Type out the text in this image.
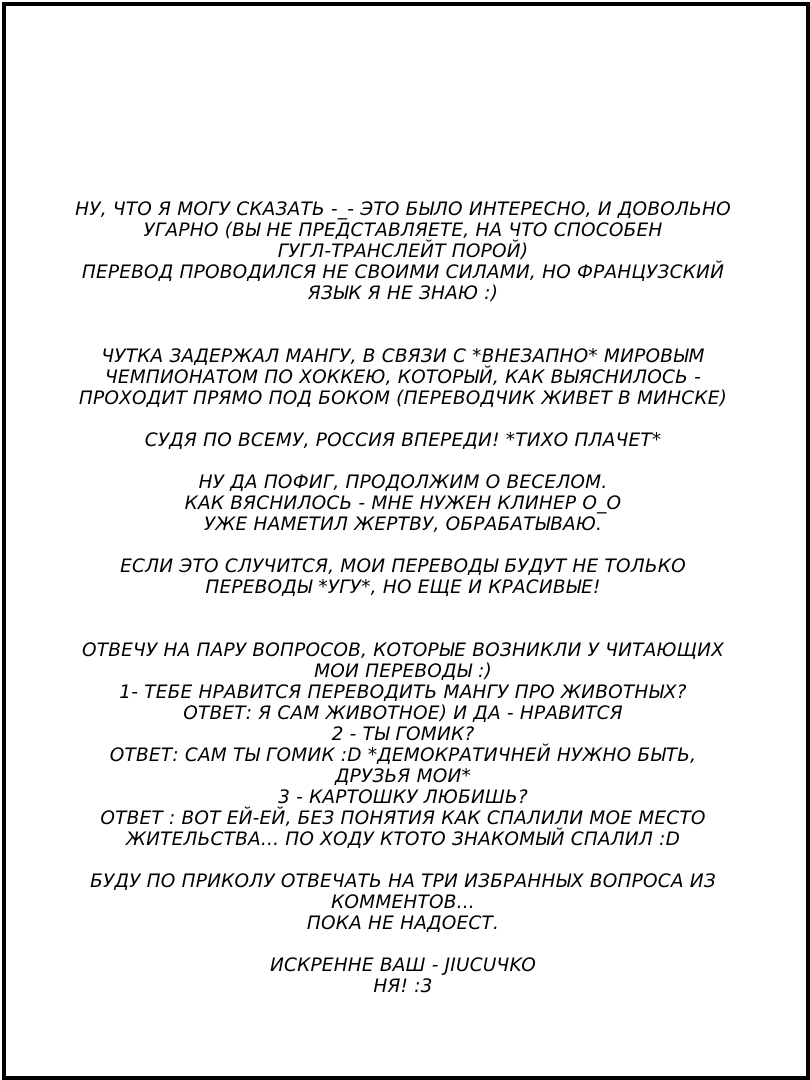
НУ, ЧТО Я МОГУ СКАЗАТЬ -_- ЭТО БЫЛО ИНТЕРЕСНО, И ДОВОЛЬНО
УГАРНО (ВЫ НЕ ПРЕДСТАВЛЯЕТЕ, НА ЧТО СПОСОБЕН
ГУГЛ-ТРАНСЛЕЙТ ПОРОЙ)
ПЕРЕВОД ПРОВОДИЛСЯ НЕ СВОИМИ СИЛАМИ, НО ФРАНЦУЗСКИЙ
ЯЗЫК Я НЕ ЗНАЮ :)

ЧУТКА ЗАДЕРЖАЛ МАНГУ, В СВЯЗИ С *ВНЕЗАПНО* МИРОВЫМ
ЧЕМПИОНАТОМ ПО ХОККЕЮ, КОТОРЫЙ, КАК ВЫЯСНИЛОСЬ -
ПРОХОДИТ ПРЯМО ПОД БОКОМ (ПЕРЕВОДЧИК ЖИВЕТ В МИНСКЕ)

СУДЯ ПО ВСЕМУ, РОССИЯ ВПЕРЕДИ! *ТИХО ПЛАЧЕТ*

НУ ДА ПОФИГ, ПРОДОЛЖИМ О ВЕСЕЛОМ.
КАК ВЯСНИЛОСЬ - МНЕ НУЖЕН КЛИНЕР О_О
УЖЕ НАМЕТИЛ ЖЕРТВУ, ОБРАБАТЫВАЮ.

ЕСЛИ ЭТО СЛУЧИТСЯ, МОИ ПЕРЕВОДЫ БУДУТ НЕ ТОЛЬКО
ПЕРЕВОДЫ *УГУ*, НО ЕЩЕ И КРАСИВЫЕ!

ОТВЕЧУ НА ПАРУ ВОПРОСОВ, КОТОРЫЕ ВОЗНИКЛИ У ЧИТАЮЩИХ
МОИ ПЕРЕВОДЫ :)
1- ТЕБЕ НРАВИТСЯ ПЕРЕВОДИТЬ МАНГУ ПРО ЖИВОТНЫХ?
ОТВЕТ: Я САМ ЖИВОТНОЕ) И ДА - НРАВИТСЯ
2 - ТЫ ГОМИК?
ОТВЕТ: САМ ТЫ ГОМИК :D *ДЕМОКРАТИЧНЕЙ НУЖНО БЫТЬ,
ДРУЗЬЯ МОИ*
3 - КАРТОШКУ ЛЮБИШЬ?
ОТВЕТ : ВОТ ЕЙ-ЕЙ, БЕЗ ПОНЯТИЯ КАК СПАЛИЛИ МОЕ МЕСТО
ЖИТЕЛЬСТВА... ПО ХОДУ КТОТО ЗНАКОМЫЙ СПАЛИЛ :D

БУДУ ПО ПРИКОЛУ ОТВЕЧАТЬ НА ТРИ ИЗБРАННЫХ ВОПРОСА ИЗ
КОММЕНТОВ...
ПОКА НЕ НАДОЕСТ.

ИСКРЕННЕ ВАШ - JIUCUЧKO
НЯ! :3
